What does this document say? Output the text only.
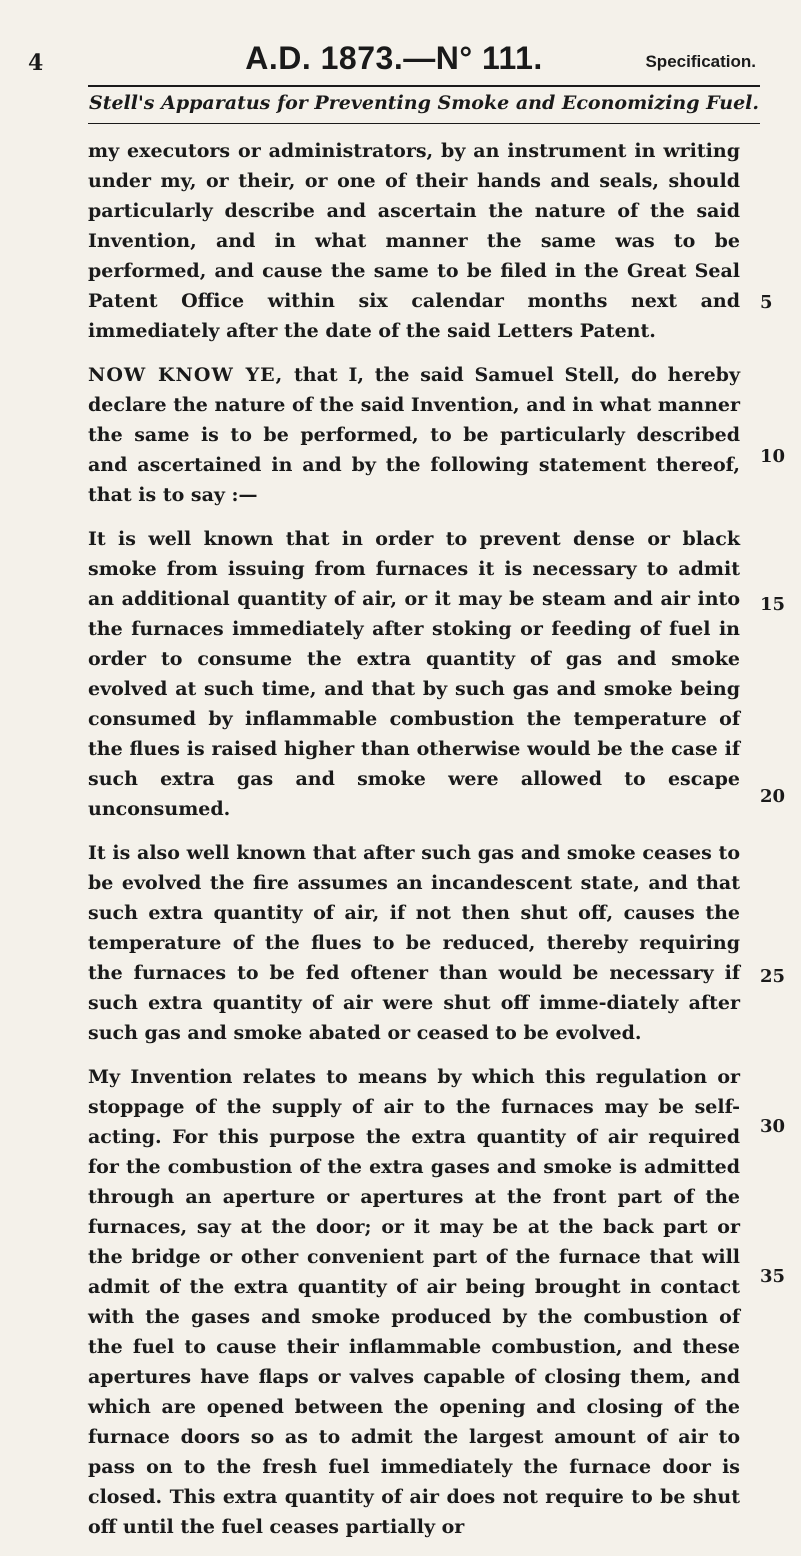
4	A.D. 1873.—N° 111.	Specification.
Stell's Apparatus for Preventing Smoke and Economizing Fuel.

my executors or administrators, by an instrument in writing under my, or their, or one of their hands and seals, should particularly describe and ascertain the nature of the said Invention, and in what manner the same was to be performed, and cause the same to be filed in the Great Seal Patent Office within six calendar months next and immediately after the date of the said Letters Patent.

NOW KNOW YE, that I, the said Samuel Stell, do hereby declare the nature of the said Invention, and in what manner the same is to be performed, to be particularly described and ascertained in and by the following statement thereof, that is to say :—

It is well known that in order to prevent dense or black smoke from issuing from furnaces it is necessary to admit an additional quantity of air, or it may be steam and air into the furnaces immediately after stoking or feeding of fuel in order to consume the extra quantity of gas and smoke evolved at such time, and that by such gas and smoke being consumed by inflammable combustion the temperature of the flues is raised higher than otherwise would be the case if such extra gas and smoke were allowed to escape unconsumed.

It is also well known that after such gas and smoke ceases to be evolved the fire assumes an incandescent state, and that such extra quantity of air, if not then shut off, causes the temperature of the flues to be reduced, thereby requiring the furnaces to be fed oftener than would be necessary if such extra quantity of air were shut off imme-diately after such gas and smoke abated or ceased to be evolved.

My Invention relates to means by which this regulation or stoppage of the supply of air to the furnaces may be self-acting. For this purpose the extra quantity of air required for the combustion of the extra gases and smoke is admitted through an aperture or apertures at the front part of the furnaces, say at the door; or it may be at the back part or the bridge or other convenient part of the furnace that will admit of the extra quantity of air being brought in contact with the gases and smoke produced by the combustion of the fuel to cause their inflammable combustion, and these apertures have flaps or valves capable of closing them, and which are opened between the opening and closing of the furnace doors so as to admit the largest amount of air to pass on to the fresh fuel immediately the furnace door is closed. This extra quantity of air does not require to be shut off until the fuel ceases partially or

5
10
15
20
25
30
35
